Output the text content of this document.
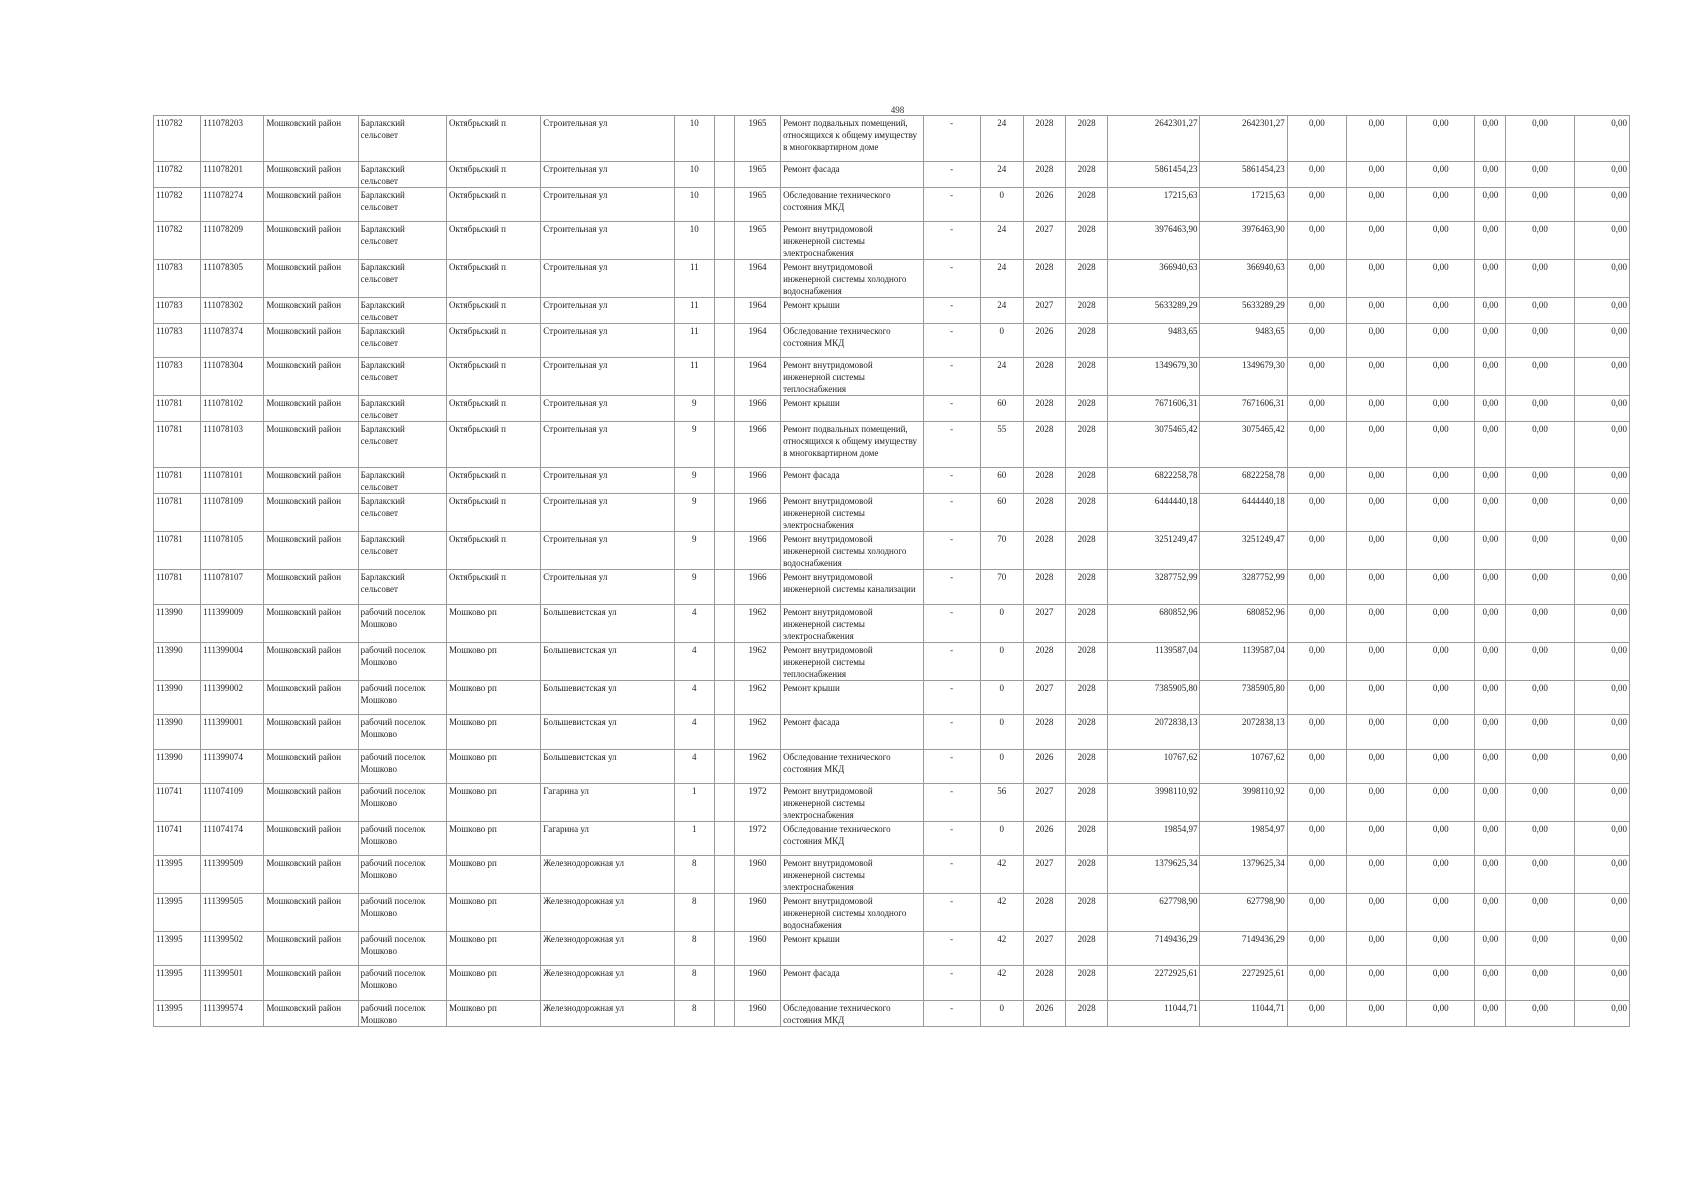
498
110782	111078203	Мошковский район	Барлакский сельсовет	Октябрьский п	Строительная ул	10		1965	Ремонт подвальных помещений, относящихся к общему имуществу в многоквартирном доме	-	24	2028	2028	2642301,27	2642301,27	0,00	0,00	0,00	0,00	0,00	0,00
110782	111078201	Мошковский район	Барлакский сельсовет	Октябрьский п	Строительная ул	10		1965	Ремонт фасада	-	24	2028	2028	5861454,23	5861454,23	0,00	0,00	0,00	0,00	0,00	0,00
110782	111078274	Мошковский район	Барлакский сельсовет	Октябрьский п	Строительная ул	10		1965	Обследование технического состояния МКД	-	0	2026	2028	17215,63	17215,63	0,00	0,00	0,00	0,00	0,00	0,00
110782	111078209	Мошковский район	Барлакский сельсовет	Октябрьский п	Строительная ул	10		1965	Ремонт внутридомовой инженерной системы электроснабжения	-	24	2027	2028	3976463,90	3976463,90	0,00	0,00	0,00	0,00	0,00	0,00
110783	111078305	Мошковский район	Барлакский сельсовет	Октябрьский п	Строительная ул	11		1964	Ремонт внутридомовой инженерной системы холодного водоснабжения	-	24	2028	2028	366940,63	366940,63	0,00	0,00	0,00	0,00	0,00	0,00
110783	111078302	Мошковский район	Барлакский сельсовет	Октябрьский п	Строительная ул	11		1964	Ремонт крыши	-	24	2027	2028	5633289,29	5633289,29	0,00	0,00	0,00	0,00	0,00	0,00
110783	111078374	Мошковский район	Барлакский сельсовет	Октябрьский п	Строительная ул	11		1964	Обследование технического состояния МКД	-	0	2026	2028	9483,65	9483,65	0,00	0,00	0,00	0,00	0,00	0,00
110783	111078304	Мошковский район	Барлакский сельсовет	Октябрьский п	Строительная ул	11		1964	Ремонт внутридомовой инженерной системы теплоснабжения	-	24	2028	2028	1349679,30	1349679,30	0,00	0,00	0,00	0,00	0,00	0,00
110781	111078102	Мошковский район	Барлакский сельсовет	Октябрьский п	Строительная ул	9		1966	Ремонт крыши	-	60	2028	2028	7671606,31	7671606,31	0,00	0,00	0,00	0,00	0,00	0,00
110781	111078103	Мошковский район	Барлакский сельсовет	Октябрьский п	Строительная ул	9		1966	Ремонт подвальных помещений, относящихся к общему имуществу в многоквартирном доме	-	55	2028	2028	3075465,42	3075465,42	0,00	0,00	0,00	0,00	0,00	0,00
110781	111078101	Мошковский район	Барлакский сельсовет	Октябрьский п	Строительная ул	9		1966	Ремонт фасада	-	60	2028	2028	6822258,78	6822258,78	0,00	0,00	0,00	0,00	0,00	0,00
110781	111078109	Мошковский район	Барлакский сельсовет	Октябрьский п	Строительная ул	9		1966	Ремонт внутридомовой инженерной системы электроснабжения	-	60	2028	2028	6444440,18	6444440,18	0,00	0,00	0,00	0,00	0,00	0,00
110781	111078105	Мошковский район	Барлакский сельсовет	Октябрьский п	Строительная ул	9		1966	Ремонт внутридомовой инженерной системы холодного водоснабжения	-	70	2028	2028	3251249,47	3251249,47	0,00	0,00	0,00	0,00	0,00	0,00
110781	111078107	Мошковский район	Барлакский сельсовет	Октябрьский п	Строительная ул	9		1966	Ремонт внутридомовой инженерной системы канализации	-	70	2028	2028	3287752,99	3287752,99	0,00	0,00	0,00	0,00	0,00	0,00
113990	111399009	Мошковский район	рабочий поселок Мошково	Мошково рп	Большевистская ул	4		1962	Ремонт внутридомовой инженерной системы электроснабжения	-	0	2027	2028	680852,96	680852,96	0,00	0,00	0,00	0,00	0,00	0,00
113990	111399004	Мошковский район	рабочий поселок Мошково	Мошково рп	Большевистская ул	4		1962	Ремонт внутридомовой инженерной системы теплоснабжения	-	0	2028	2028	1139587,04	1139587,04	0,00	0,00	0,00	0,00	0,00	0,00
113990	111399002	Мошковский район	рабочий поселок Мошково	Мошково рп	Большевистская ул	4		1962	Ремонт крыши	-	0	2027	2028	7385905,80	7385905,80	0,00	0,00	0,00	0,00	0,00	0,00
113990	111399001	Мошковский район	рабочий поселок Мошково	Мошково рп	Большевистская ул	4		1962	Ремонт фасада	-	0	2028	2028	2072838,13	2072838,13	0,00	0,00	0,00	0,00	0,00	0,00
113990	111399074	Мошковский район	рабочий поселок Мошково	Мошково рп	Большевистская ул	4		1962	Обследование технического состояния МКД	-	0	2026	2028	10767,62	10767,62	0,00	0,00	0,00	0,00	0,00	0,00
110741	111074109	Мошковский район	рабочий поселок Мошково	Мошково рп	Гагарина ул	1		1972	Ремонт внутридомовой инженерной системы электроснабжения	-	56	2027	2028	3998110,92	3998110,92	0,00	0,00	0,00	0,00	0,00	0,00
110741	111074174	Мошковский район	рабочий поселок Мошково	Мошково рп	Гагарина ул	1		1972	Обследование технического состояния МКД	-	0	2026	2028	19854,97	19854,97	0,00	0,00	0,00	0,00	0,00	0,00
113995	111399509	Мошковский район	рабочий поселок Мошково	Мошково рп	Железнодорожная ул	8		1960	Ремонт внутридомовой инженерной системы электроснабжения	-	42	2027	2028	1379625,34	1379625,34	0,00	0,00	0,00	0,00	0,00	0,00
113995	111399505	Мошковский район	рабочий поселок Мошково	Мошково рп	Железнодорожная ул	8		1960	Ремонт внутридомовой инженерной системы холодного водоснабжения	-	42	2028	2028	627798,90	627798,90	0,00	0,00	0,00	0,00	0,00	0,00
113995	111399502	Мошковский район	рабочий поселок Мошково	Мошково рп	Железнодорожная ул	8		1960	Ремонт крыши	-	42	2027	2028	7149436,29	7149436,29	0,00	0,00	0,00	0,00	0,00	0,00
113995	111399501	Мошковский район	рабочий поселок Мошково	Мошково рп	Железнодорожная ул	8		1960	Ремонт фасада	-	42	2028	2028	2272925,61	2272925,61	0,00	0,00	0,00	0,00	0,00	0,00
113995	111399574	Мошковский район	рабочий поселок Мошково	Мошково рп	Железнодорожная ул	8		1960	Обследование технического состояния МКД	-	0	2026	2028	11044,71	11044,71	0,00	0,00	0,00	0,00	0,00	0,00
